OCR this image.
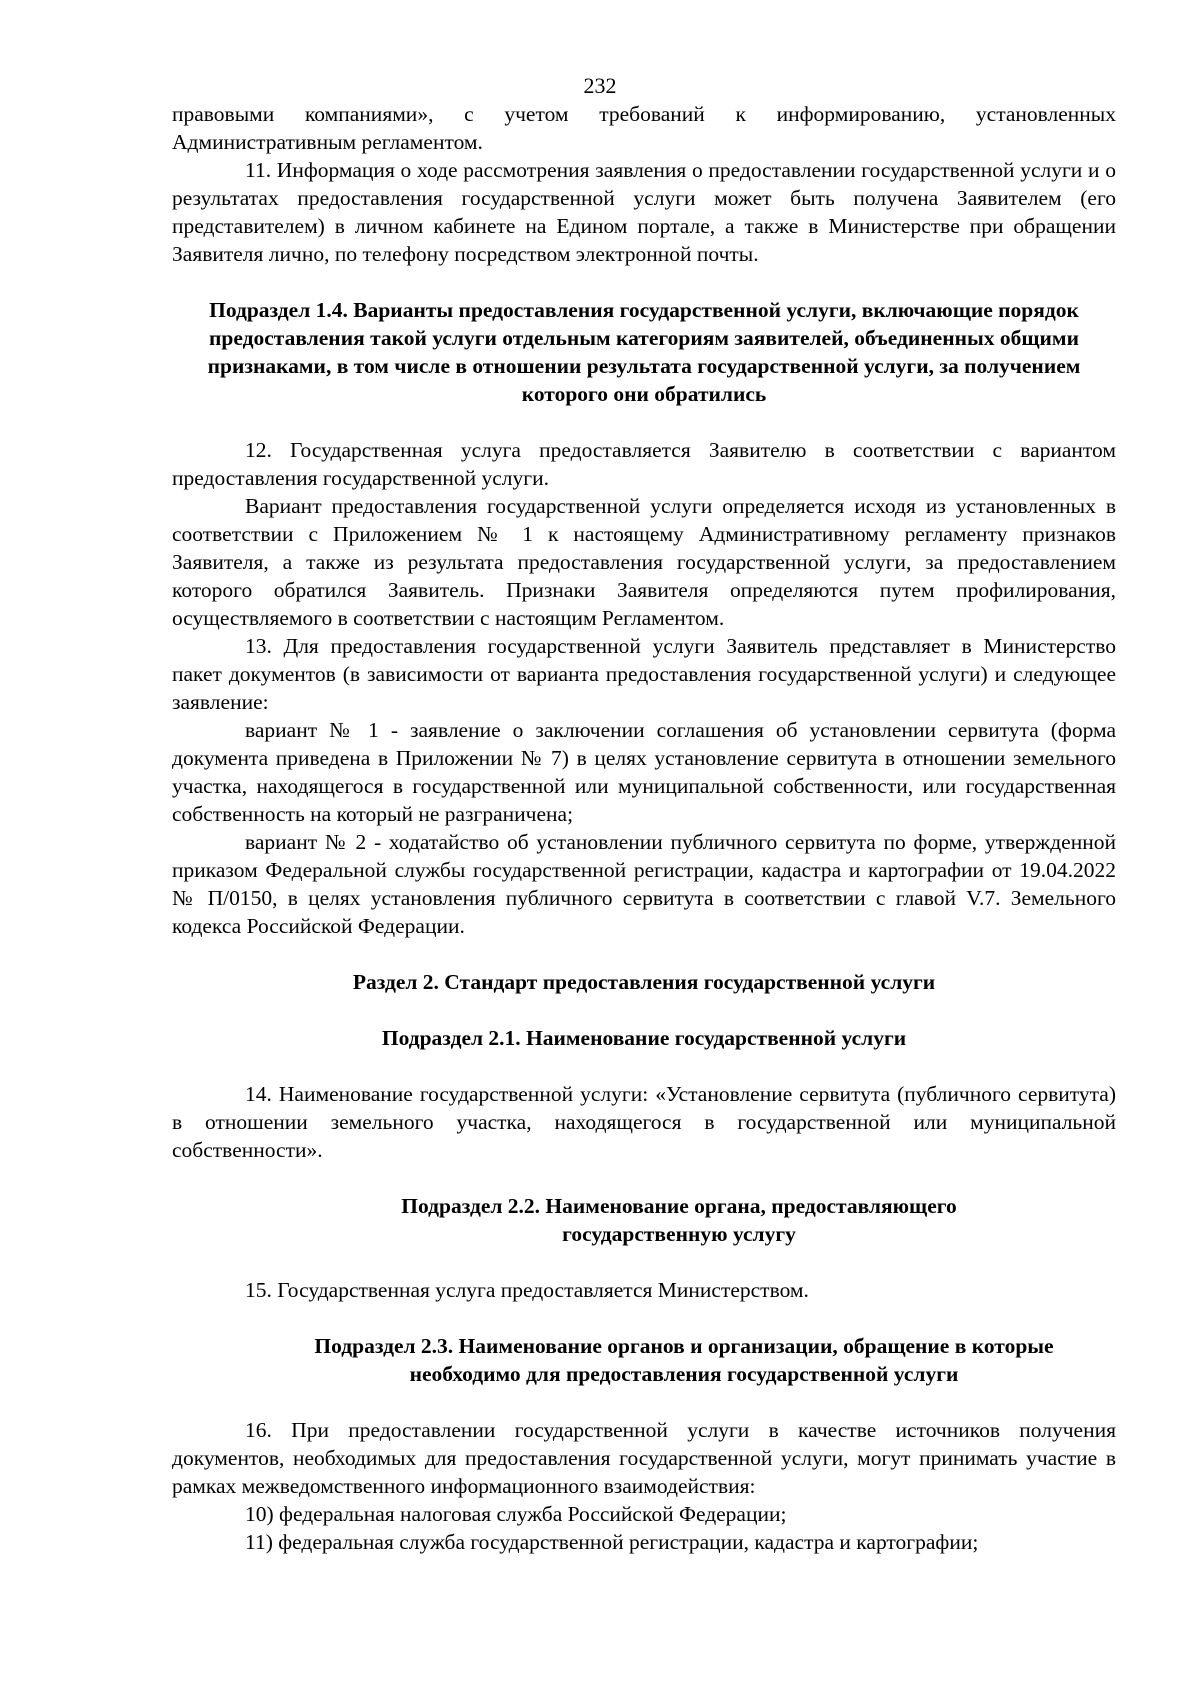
232

правовыми компаниями», с учетом требований к информированию, установленных Административным регламентом.

11. Информация о ходе рассмотрения заявления о предоставлении государственной услуги и о результатах предоставления государственной услуги может быть получена Заявителем (его представителем) в личном кабинете на Едином портале, а также в Министерстве при обращении Заявителя лично, по телефону посредством электронной почты.

Подраздел 1.4. Варианты предоставления государственной услуги, включающие порядок предоставления такой услуги отдельным категориям заявителей, объединенных общими признаками, в том числе в отношении результата государственной услуги, за получением которого они обратились

12. Государственная услуга предоставляется Заявителю в соответствии с вариантом предоставления государственной услуги.

Вариант предоставления государственной услуги определяется исходя из установленных в соответствии с Приложением № 1 к настоящему Административному регламенту признаков Заявителя, а также из результата предоставления государственной услуги, за предоставлением которого обратился Заявитель. Признаки Заявителя определяются путем профилирования, осуществляемого в соответствии с настоящим Регламентом.

13. Для предоставления государственной услуги Заявитель представляет в Министерство пакет документов (в зависимости от варианта предоставления государственной услуги) и следующее заявление:

вариант № 1 - заявление о заключении соглашения об установлении сервитута (форма документа приведена в Приложении № 7) в целях установление сервитута в отношении земельного участка, находящегося в государственной или муниципальной собственности, или государственная собственность на который не разграничена;

вариант № 2 - ходатайство об установлении публичного сервитута по форме, утвержденной приказом Федеральной службы государственной регистрации, кадастра и картографии от 19.04.2022 № П/0150, в целях установления публичного сервитута в соответствии с главой V.7. Земельного кодекса Российской Федерации.

Раздел 2. Стандарт предоставления государственной услуги
Подраздел 2.1. Наименование государственной услуги

14. Наименование государственной услуги: «Установление сервитута (публичного сервитута) в отношении земельного участка, находящегося в государственной или муниципальной собственности».

Подраздел 2.2. Наименование органа, предоставляющего государственную услугу

15. Государственная услуга предоставляется Министерством.

Подраздел 2.3. Наименование органов и организации, обращение в которые необходимо для предоставления государственной услуги

16. При предоставлении государственной услуги в качестве источников получения документов, необходимых для предоставления государственной услуги, могут принимать участие в рамках межведомственного информационного взаимодействия:

10) федеральная налоговая служба Российской Федерации;

11) федеральная служба государственной регистрации, кадастра и картографии;
